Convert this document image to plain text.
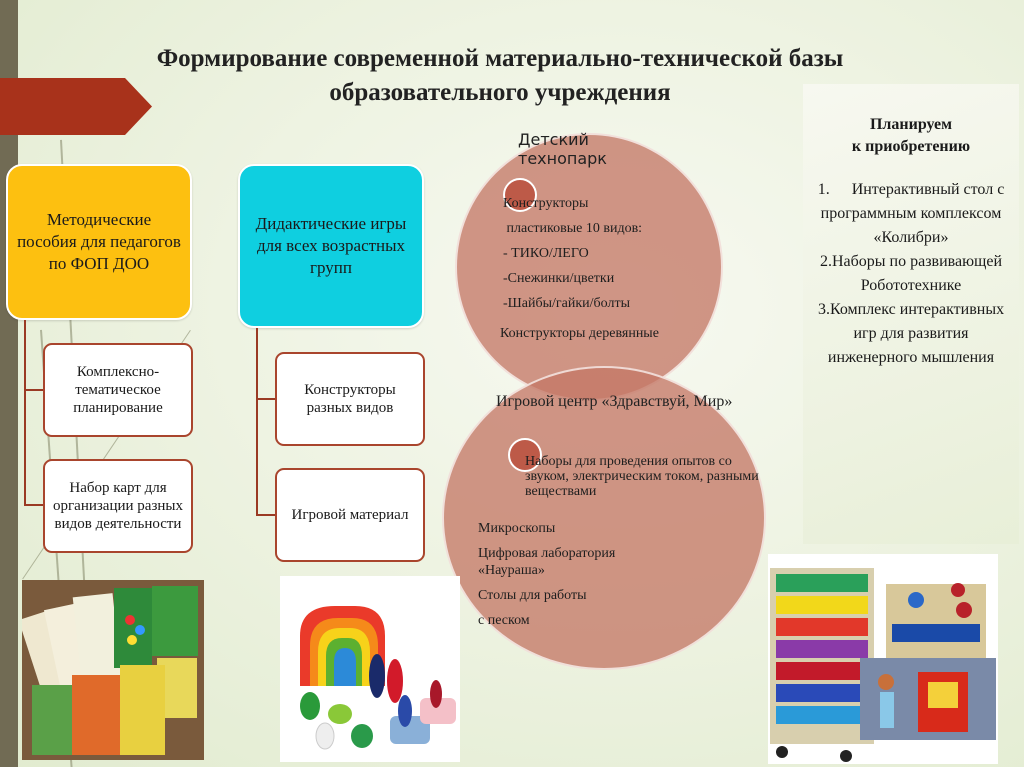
Формирование современной материально-технической базы
образовательного учреждения
Методические пособия для педагогов по ФОП ДОО
Комплексно-тематическое планирование
Набор карт для организации разных видов деятельности
Дидактические игры для всех возрастных групп
Конструкторы разных видов
Игровой материал
Детский
технопарк
Конструкторы
пластиковые 10 видов:
- ТИКО/ЛЕГО
-Снежинки/цветки
-Шайбы/гайки/болты
Конструкторы деревянные
Игровой центр «Здравствуй, Мир»
Наборы для проведения опытов со звуком, электрическим током, разными веществами
Микроскопы
Цифровая лаборатория «Наураша»
Столы для работы
с песком
Планируем
к приобретению
1. Интерактивный стол с программным комплексом «Колибри»
2.Наборы по развивающей Робототехнике
3.Комплекс интерактивных игр для развития инженерного мышления
